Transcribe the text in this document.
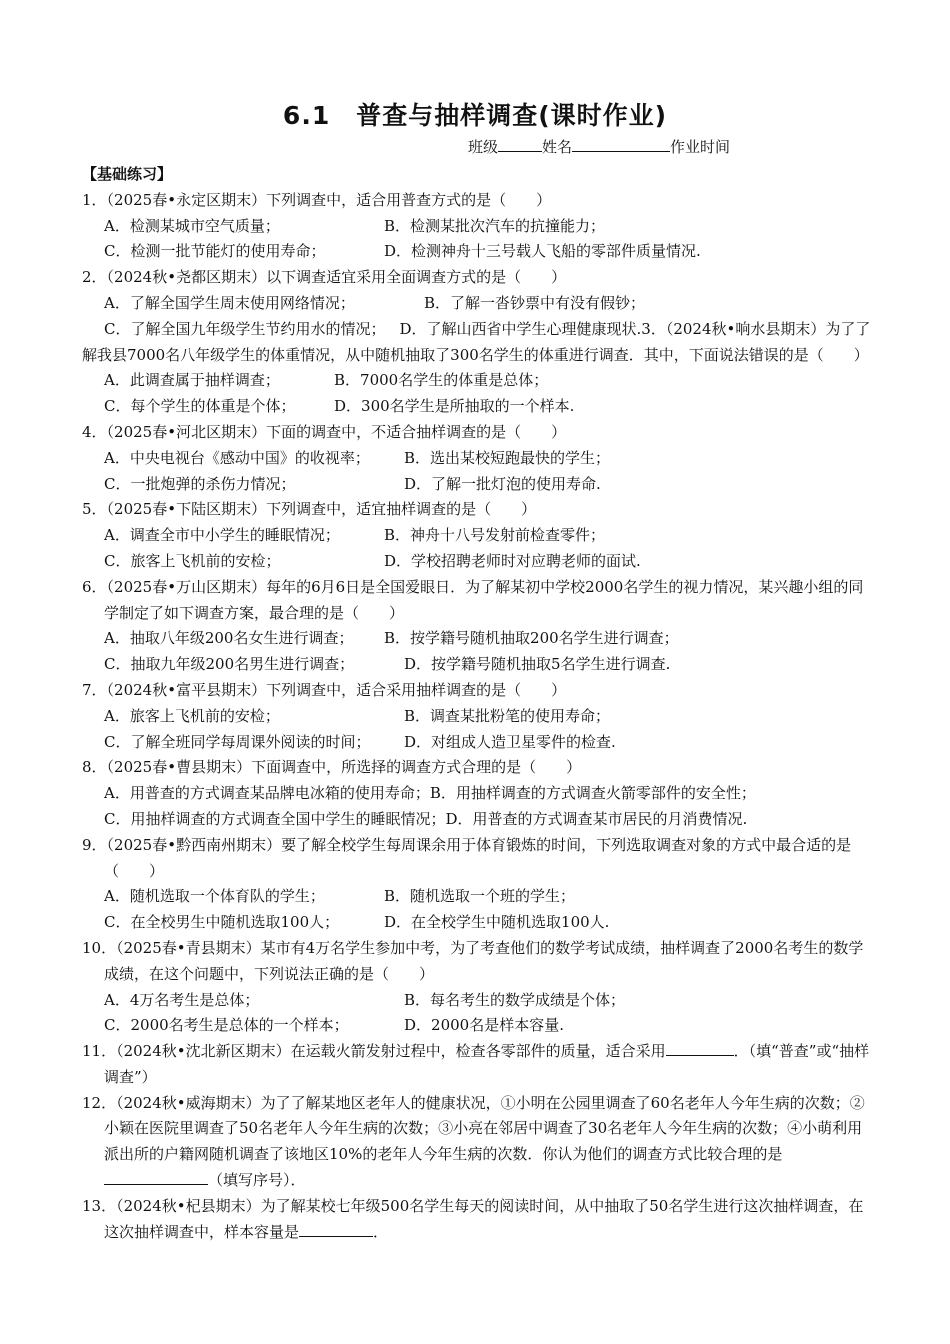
6.1　普查与抽样调查(课时作业)
班级	姓名	作业时间
【基础练习】
1．（2025春•永定区期末）下列调查中，适合用普查方式的是（　　）
A．检测某城市空气质量；	B．检测某批次汽车的抗撞能力；
C．检测一批节能灯的使用寿命；	D．检测神舟十三号载人飞船的零部件质量情况.
2．（2024秋•尧都区期末）以下调查适宜采用全面调查方式的是（　　）
A．了解全国学生周末使用网络情况；	B．了解一沓钞票中有没有假钞；
C．了解全国九年级学生节约用水的情况； D．了解山西省中学生心理健康现状.3．（2024秋•响水县期末）为了了解我县7000名八年级学生的体重情况，从中随机抽取了300名学生的体重进行调查．其中，下面说法错误的是（　　）
A．此调查属于抽样调查；	B．7000名学生的体重是总体；
C．每个学生的体重是个体；	D．300名学生是所抽取的一个样本.
4．（2025春•河北区期末）下面的调查中，不适合抽样调查的是（　　）
A．中央电视台《感动中国》的收视率； B．选出某校短跑最快的学生；
C．一批炮弹的杀伤力情况；	D．了解一批灯泡的使用寿命.
5．（2025春•下陆区期末）下列调查中，适宜抽样调查的是（　　）
A．调查全市中小学生的睡眠情况；	B．神舟十八号发射前检查零件；
C．旅客上飞机前的安检；	D．学校招聘老师时对应聘老师的面试.
6．（2025春•万山区期末）每年的6月6日是全国爱眼日．为了解某初中学校2000名学生的视力情况，某兴趣小组的同学制定了如下调查方案，最合理的是（　　）
A．抽取八年级200名女生进行调查； B．按学籍号随机抽取200名学生进行调查；
C．抽取九年级200名男生进行调查；	D．按学籍号随机抽取5名学生进行调查.
7．（2024秋•富平县期末）下列调查中，适合采用抽样调查的是（　　）
A．旅客上飞机前的安检；	B．调查某批粉笔的使用寿命；
C．了解全班同学每周课外阅读的时间； D．对组成人造卫星零件的检查.
8．（2025春•曹县期末）下面调查中，所选择的调查方式合理的是（　　）
A．用普查的方式调查某品牌电冰箱的使用寿命；B．用抽样调查的方式调查火箭零部件的安全性；
C．用抽样调查的方式调查全国中学生的睡眠情况；D．用普查的方式调查某市居民的月消费情况.
9．（2025春•黔西南州期末）要了解全校学生每周课余用于体育锻炼的时间，下列选取调查对象的方式中最合适的是（　　）
A．随机选取一个体育队的学生；	B．随机选取一个班的学生；
C．在全校男生中随机选取100人；	D．在全校学生中随机选取100人.
10．（2025春•青县期末）某市有4万名学生参加中考，为了考查他们的数学考试成绩，抽样调查了2000名考生的数学成绩，在这个问题中，下列说法正确的是（　　）
A．4万名考生是总体；	B．每名考生的数学成绩是个体；
C．2000名考生是总体的一个样本；	D．2000名是样本容量.
11．（2024秋•沈北新区期末）在运载火箭发射过程中，检查各零部件的质量，适合采用	．（填“普查”或“抽样调查”）
12．（2024秋•威海期末）为了了解某地区老年人的健康状况，①小明在公园里调查了60名老年人今年生病的次数；②小颖在医院里调查了50名老年人今年生病的次数；③小亮在邻居中调查了30名老年人今年生病的次数；④小萌利用派出所的户籍网随机调查了该地区10%的老年人今年生病的次数．你认为他们的调查方式比较合理的是（填写序号）．
13．（2024秋•杞县期末）为了解某校七年级500名学生每天的阅读时间，从中抽取了50名学生进行这次抽样调查，在这次抽样调查中，样本容量是	．
